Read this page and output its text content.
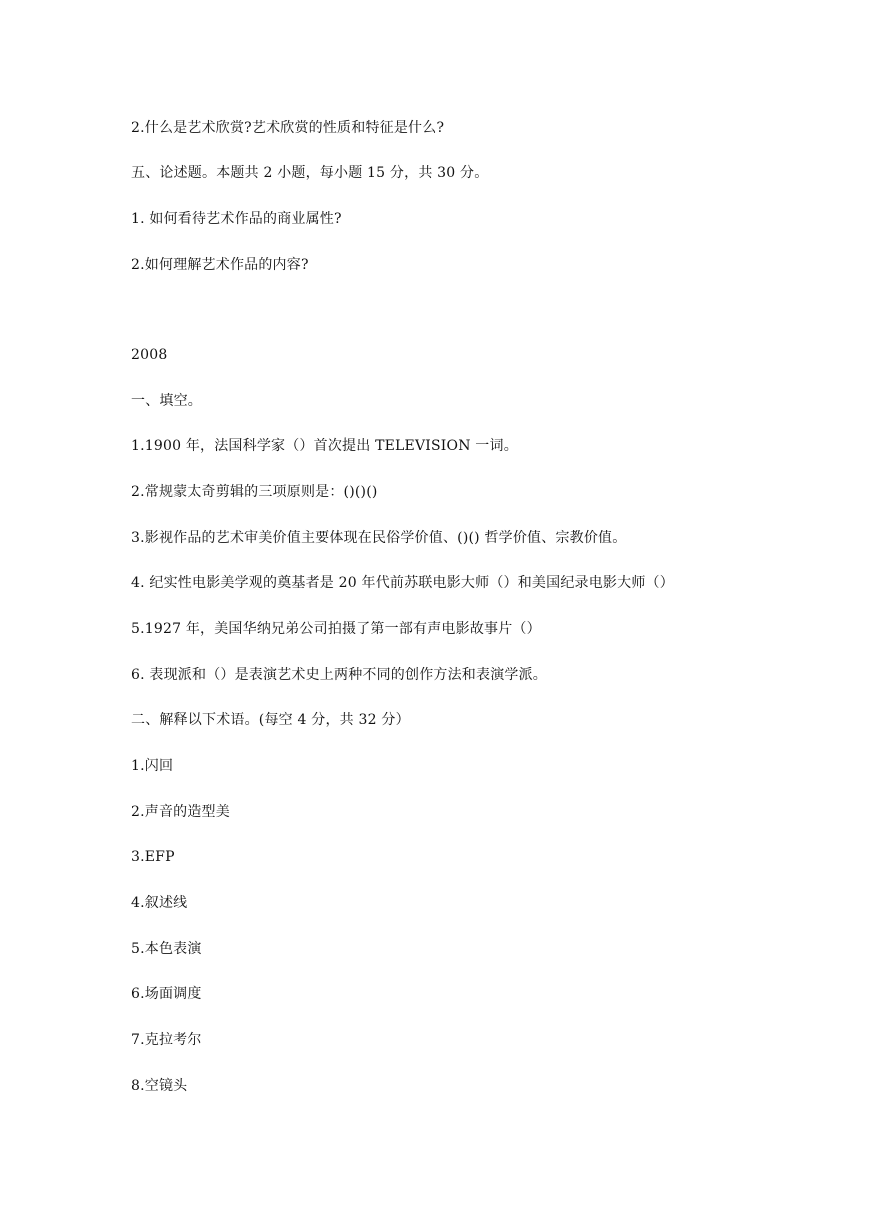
2.什么是艺术欣赏?艺术欣赏的性质和特征是什么?
五、论述题。本题共 2 小题，每小题 15 分，共 30 分。
1. 如何看待艺术作品的商业属性?
2.如何理解艺术作品的内容?
2008
一、填空。
1.1900 年，法国科学家（）首次提出 TELEVISION 一词。
2.常规蒙太奇剪辑的三项原则是：()()()
3.影视作品的艺术审美价值主要体现在民俗学价值、()() 哲学价值、宗教价值。
4. 纪实性电影美学观的奠基者是 20 年代前苏联电影大师（）和美国纪录电影大师（）
5.1927 年，美国华纳兄弟公司拍摄了第一部有声电影故事片（）
6. 表现派和（）是表演艺术史上两种不同的创作方法和表演学派。
二、解释以下术语。(每空 4 分，共 32 分）
1.闪回
2.声音的造型美
3.EFP
4.叙述线
5.本色表演
6.场面调度
7.克拉考尔
8.空镜头
